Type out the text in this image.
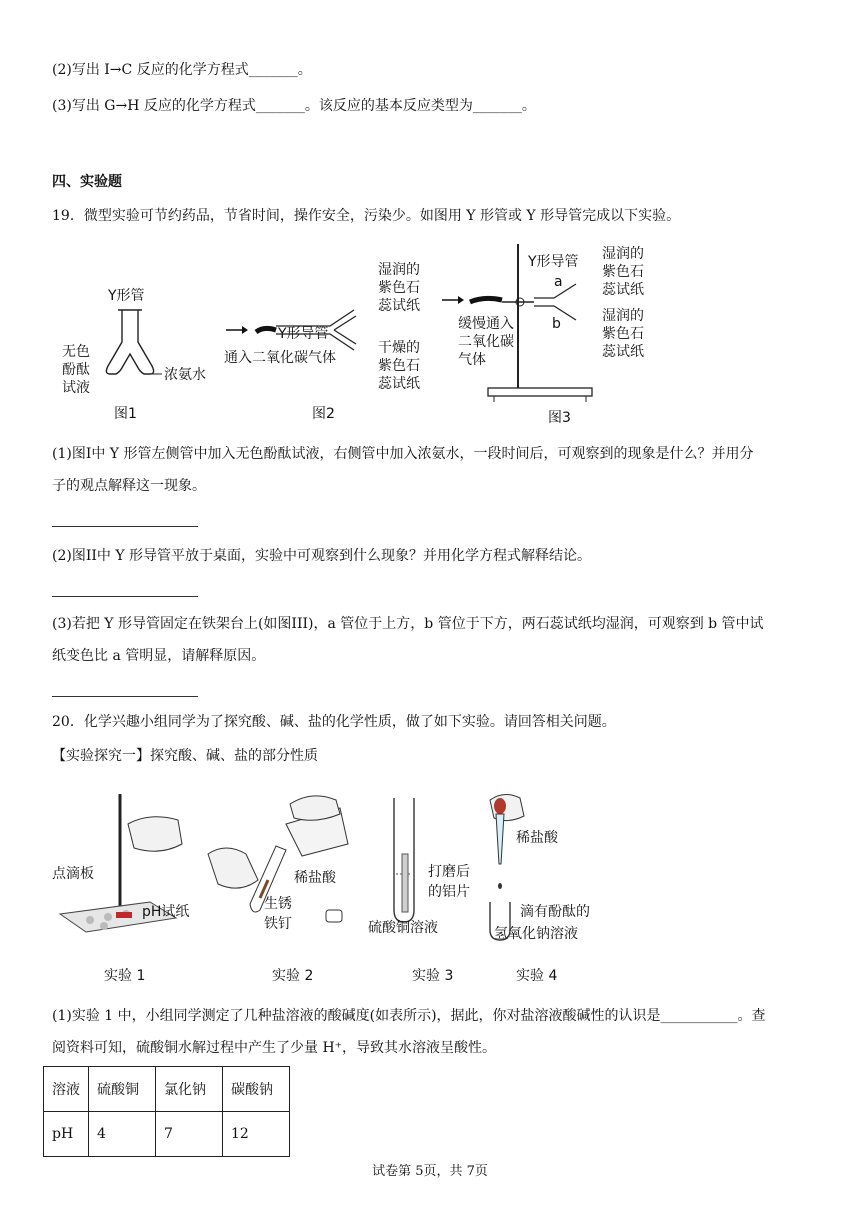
(2)写出 I→C 反应的化学方程式_______。
(3)写出 G→H 反应的化学方程式_______。该反应的基本反应类型为_______。
四、实验题
19．微型实验可节约药品，节省时间，操作安全，污染少。如图用 Y 形管或 Y 形导管完成以下实验。
Y形管
无色
酚酞
试液
浓氨水
图1
Y形导管
通入二氧化碳气体
湿润的
紫色石
蕊试纸
干燥的
紫色石
蕊试纸
图2
Y形导管
a
b
缓慢通入
二氧化碳
气体
湿润的
紫色石
蕊试纸
湿润的
紫色石
蕊试纸
图3
(1)图I中 Y 形管左侧管中加入无色酚酞试液，右侧管中加入浓氨水，一段时间后，可观察到的现象是什么？并用分
子的观点解释这一现象。
(2)图II中 Y 形导管平放于桌面，实验中可观察到什么现象？并用化学方程式解释结论。
(3)若把 Y 形导管固定在铁架台上(如图III)，a 管位于上方，b 管位于下方，两石蕊试纸均湿润，可观察到 b 管中试
纸变色比 a 管明显，请解释原因。
20．化学兴趣小组同学为了探究酸、碱、盐的化学性质，做了如下实验。请回答相关问题。
【实验探究一】探究酸、碱、盐的部分性质
点滴板
pH试纸
实验 1
稀盐酸
生锈
铁钉
实验 2
打磨后
的铝片
硫酸铜溶液
实验 3
稀盐酸
滴有酚酞的
氢氧化钠溶液
实验 4
(1)实验 1 中，小组同学测定了几种盐溶液的酸碱度(如表所示)，据此，你对盐溶液酸碱性的认识是___________。查
阅资料可知，硫酸铜水解过程中产生了少量 H⁺，导致其水溶液呈酸性。
溶液	硫酸铜	氯化钠	碳酸钠
pH	4	7	12
试卷第 5页，共 7页
